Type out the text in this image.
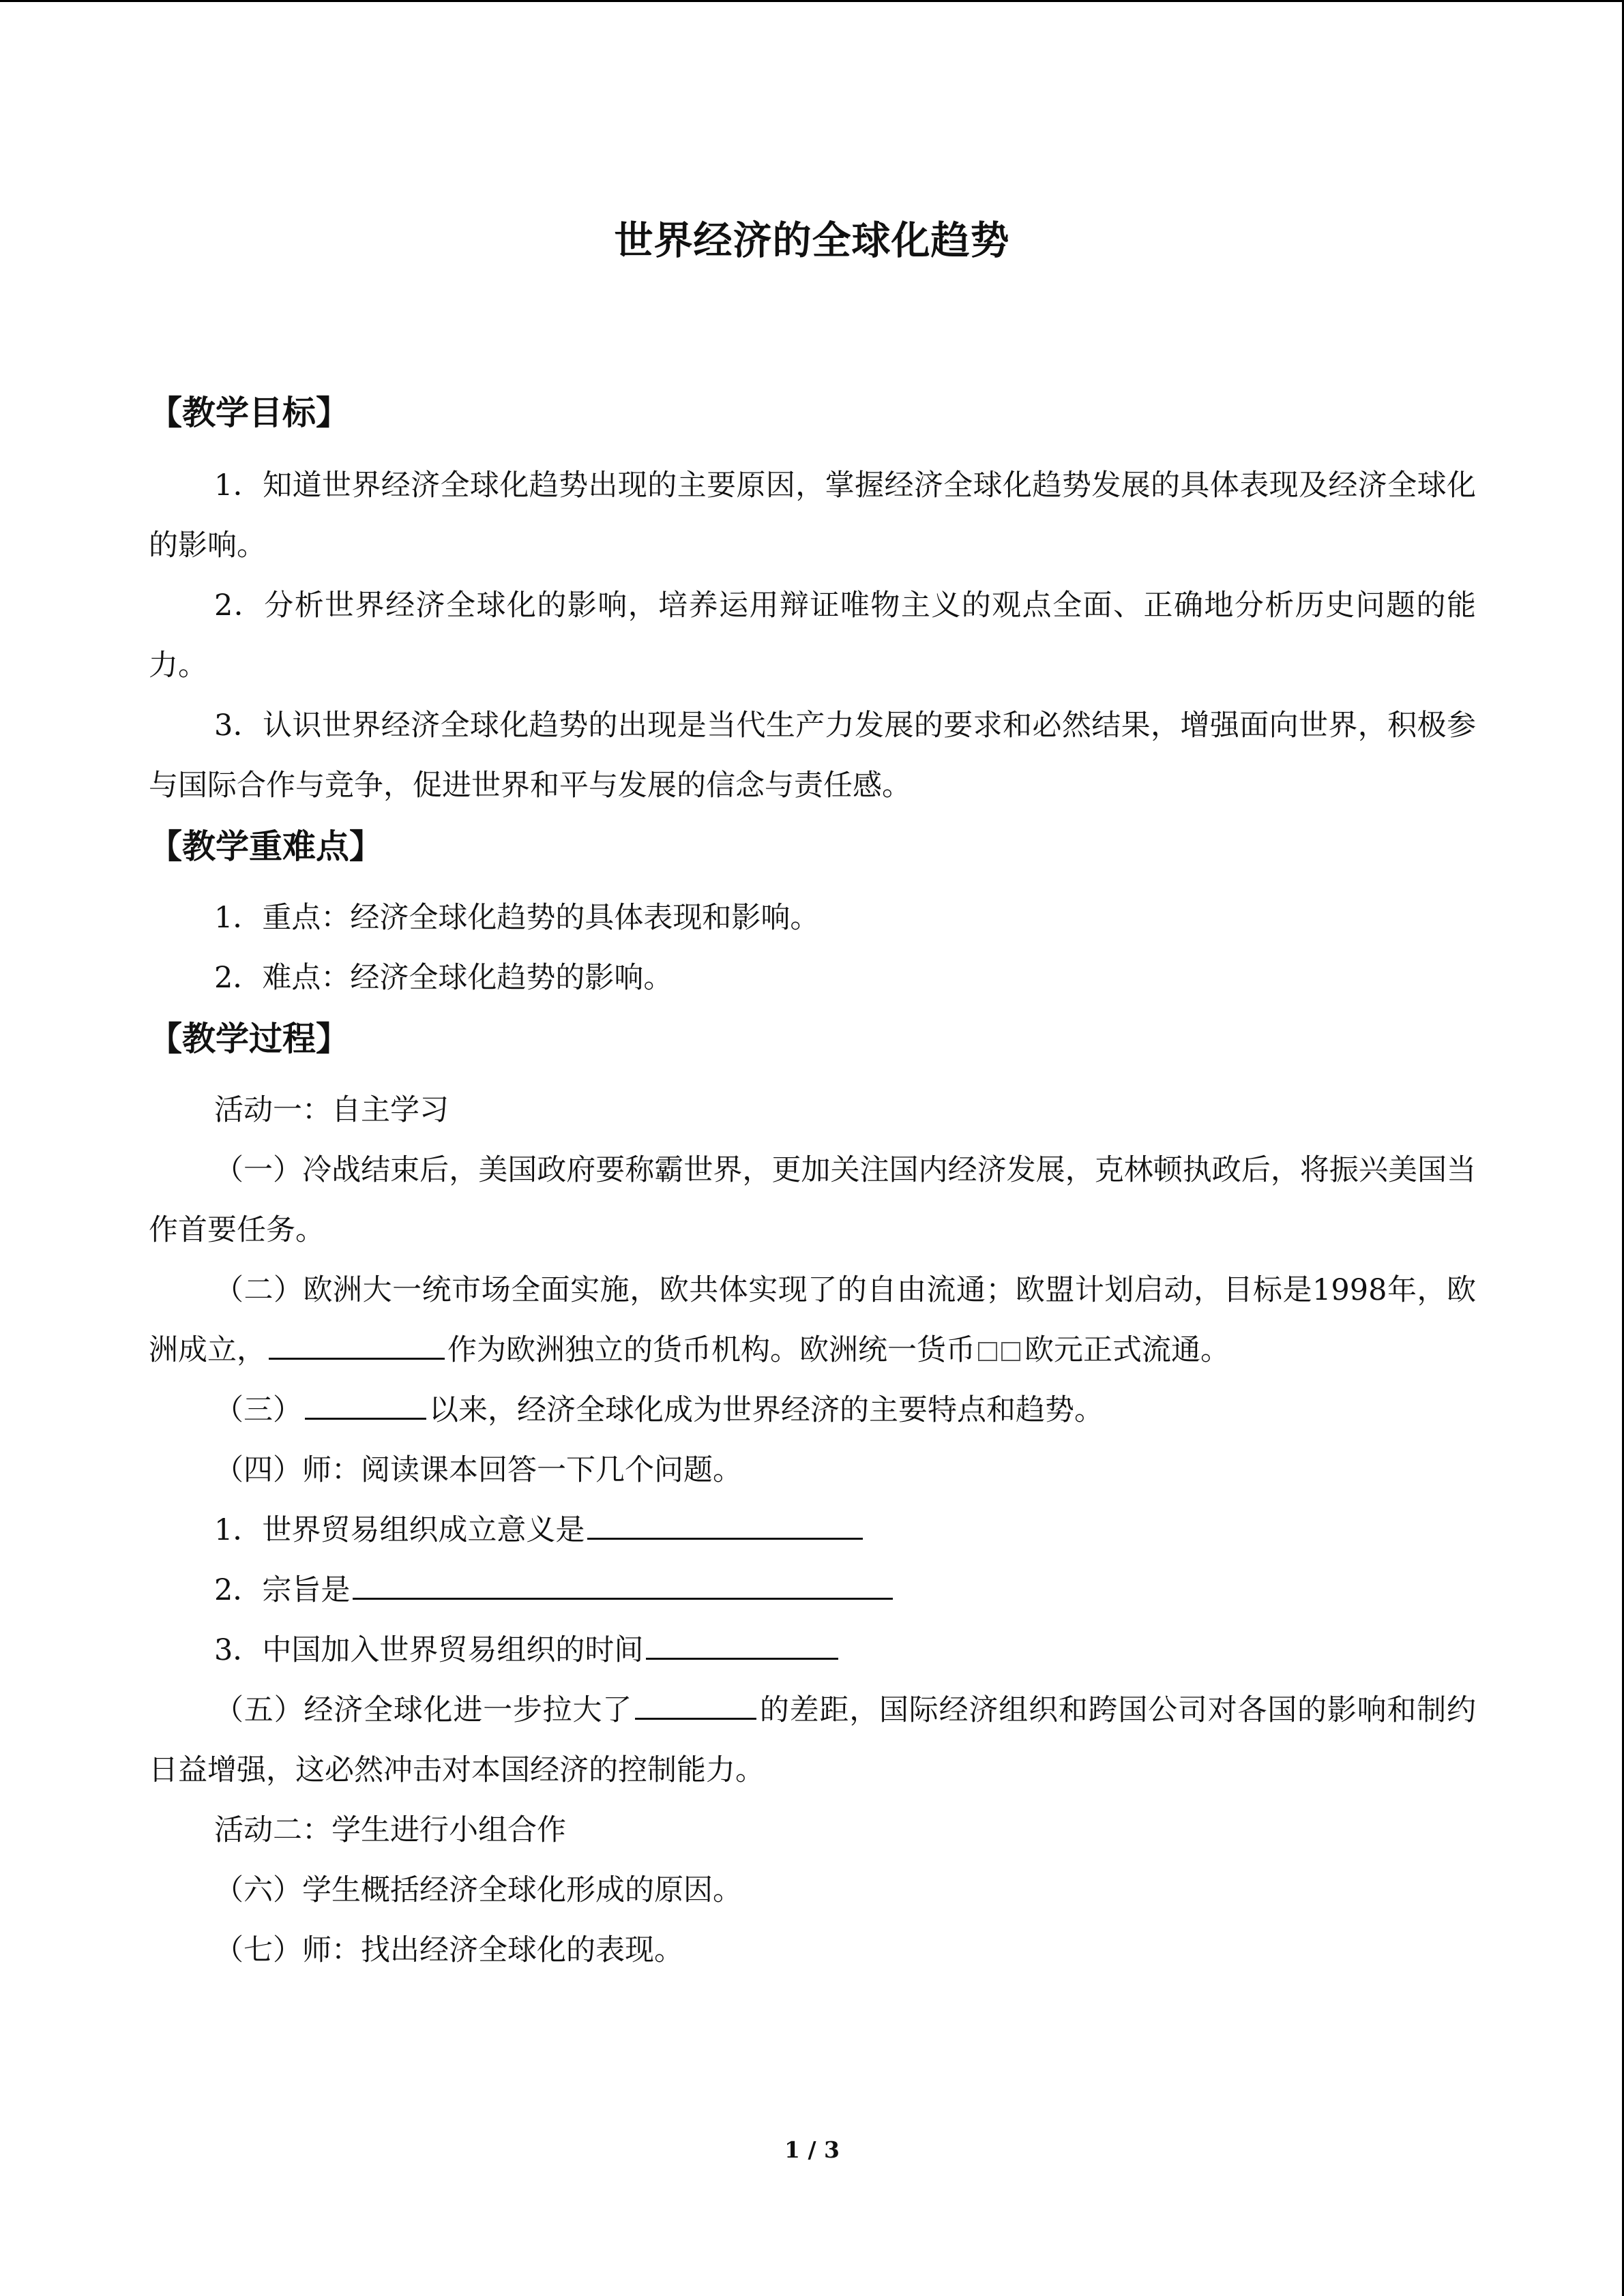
世界经济的全球化趋势
【教学目标】

1．知道世界经济全球化趋势出现的主要原因，掌握经济全球化趋势发展的具体表现及经济全球化的影响。

2．分析世界经济全球化的影响，培养运用辩证唯物主义的观点全面、正确地分析历史问题的能力。

3．认识世界经济全球化趋势的出现是当代生产力发展的要求和必然结果，增强面向世界，积极参与国际合作与竞争，促进世界和平与发展的信念与责任感。

【教学重难点】

1．重点：经济全球化趋势的具体表现和影响。

2．难点：经济全球化趋势的影响。

【教学过程】

活动一：自主学习

（一）冷战结束后，美国政府要称霸世界，更加关注国内经济发展，克林顿执政后，将振兴美国当作首要任务。

（二）欧洲大一统市场全面实施，欧共体实现了的自由流通；欧盟计划启动，目标是1998年，欧洲成立，	作为欧洲独立的货币机构。欧洲统一货币 欧元正式流通。

（三）	以来，经济全球化成为世界经济的主要特点和趋势。

（四）师：阅读课本回答一下几个问题。

1．世界贸易组织成立意义是

2．宗旨是

3．中国加入世界贸易组织的时间

（五）经济全球化进一步拉大了	的差距，国际经济组织和跨国公司对各国的影响和制约日益增强，这必然冲击对本国经济的控制能力。

活动二：学生进行小组合作

（六）学生概括经济全球化形成的原因。

（七）师：找出经济全球化的表现。

1 / 3
